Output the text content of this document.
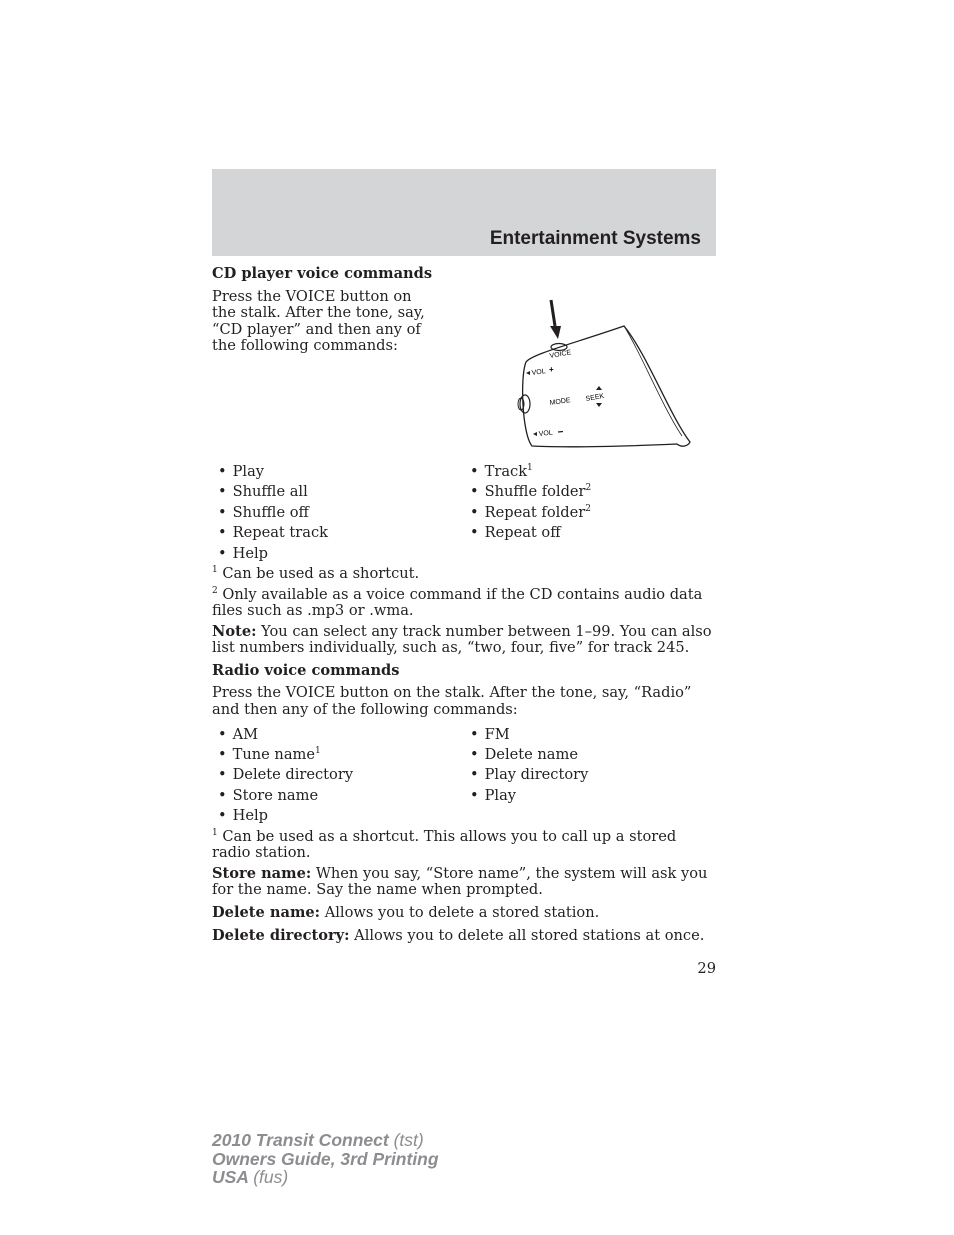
Entertainment Systems
CD player voice commands

Press the VOICE button on the stalk. After the tone, say, “CD player” and then any of the following commands:

VOICE
VOL +
MODE SEEK
VOL
• Play
• Shuffle all
• Shuffle off
• Repeat track
• Help
• Track$^1$
• Shuffle folder$^2$
• Repeat folder$^2$
• Repeat off

$^1$ Can be used as a shortcut.

$^2$ Only available as a voice command if the CD contains audio data files such as .mp3 or .wma.

Note: You can select any track number between 1–99. You can also list numbers individually, such as, “two, four, five” for track 245.

Radio voice commands

Press the VOICE button on the stalk. After the tone, say, “Radio” and then any of the following commands:

• AM
• Tune name$^1$
• Delete directory
• Store name
• Help
• FM
• Delete name
• Play directory
• Play

$^1$ Can be used as a shortcut. This allows you to call up a stored radio station.

Store name: When you say, “Store name”, the system will ask you for the name. Say the name when prompted.

Delete name: Allows you to delete a stored station.

Delete directory: Allows you to delete all stored stations at once.

29
2010 Transit Connect (tst)
Owners Guide, 3rd Printing
USA (fus)
